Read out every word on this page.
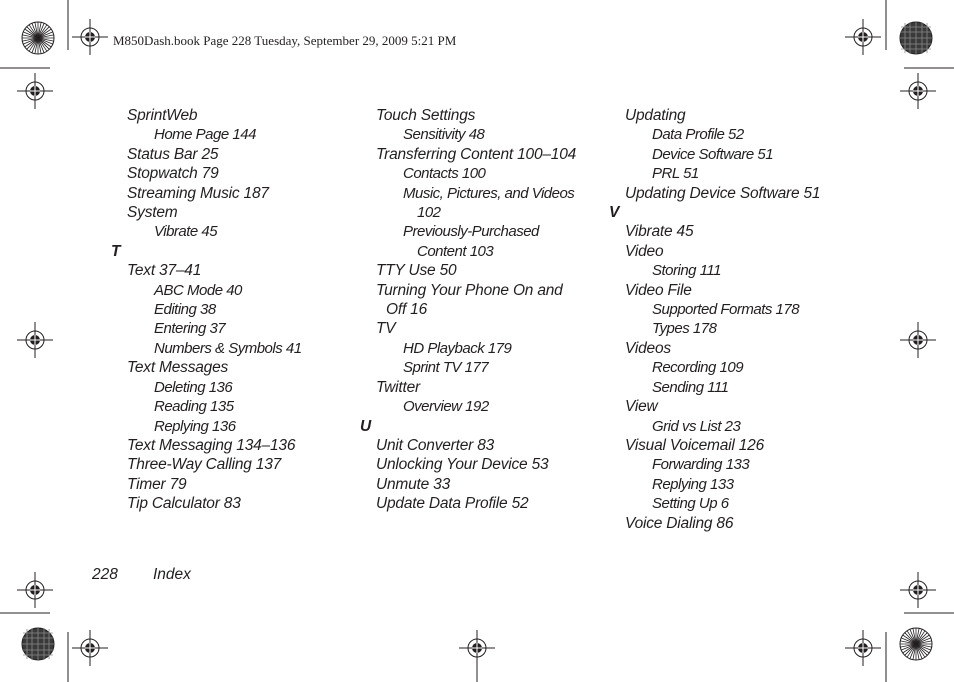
M850Dash.book Page 228 Tuesday, September 29, 2009 5:21 PM
SprintWeb
Home Page 144
Status Bar 25
Stopwatch 79
Streaming Music 187
System
Vibrate 45
T
Text 37–41
ABC Mode 40
Editing 38
Entering 37
Numbers & Symbols 41
Text Messages
Deleting 136
Reading 135
Replying 136
Text Messaging 134–136
Three-Way Calling 137
Timer 79
Tip Calculator 83
Touch Settings
Sensitivity 48
Transferring Content 100–104
Contacts 100
Music, Pictures, and Videos
102
Previously-Purchased
Content 103
TTY Use 50
Turning Your Phone On and
Off 16
TV
HD Playback 179
Sprint TV 177
Twitter
Overview 192
U
Unit Converter 83
Unlocking Your Device 53
Unmute 33
Update Data Profile 52
Updating
Data Profile 52
Device Software 51
PRL 51
Updating Device Software 51
V
Vibrate 45
Video
Storing 111
Video File
Supported Formats 178
Types 178
Videos
Recording 109
Sending 111
View
Grid vs List 23
Visual Voicemail 126
Forwarding 133
Replying 133
Setting Up 6
Voice Dialing 86
228 Index
